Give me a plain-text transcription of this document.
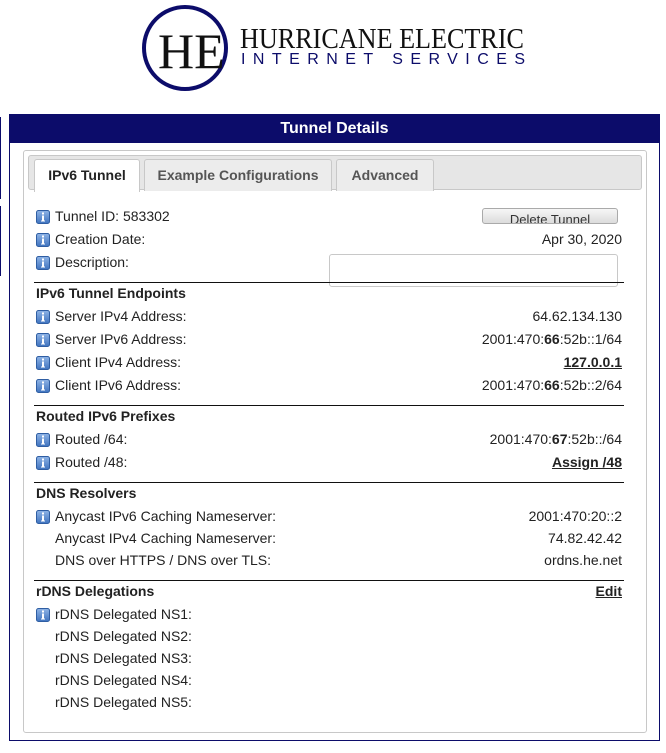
HE HURRICANE ELECTRIC
INTERNET SERVICES
Tunnel Details
IPv6 Tunnel	Example Configurations	Advanced
Tunnel ID: 583302	Delete Tunnel
Creation Date:	Apr 30, 2020
Description:
IPv6 Tunnel Endpoints
Server IPv4 Address:	64.62.134.130
Server IPv6 Address:	2001:470:66:52b::1/64
Client IPv4 Address:	127.0.0.1
Client IPv6 Address:	2001:470:66:52b::2/64
Routed IPv6 Prefixes
Routed /64:	2001:470:67:52b::/64
Routed /48:	Assign /48
DNS Resolvers
Anycast IPv6 Caching Nameserver:	2001:470:20::2
Anycast IPv4 Caching Nameserver:	74.82.42.42
DNS over HTTPS / DNS over TLS:	ordns.he.net
rDNS Delegations	Edit
rDNS Delegated NS1:
rDNS Delegated NS2:
rDNS Delegated NS3:
rDNS Delegated NS4:
rDNS Delegated NS5:
